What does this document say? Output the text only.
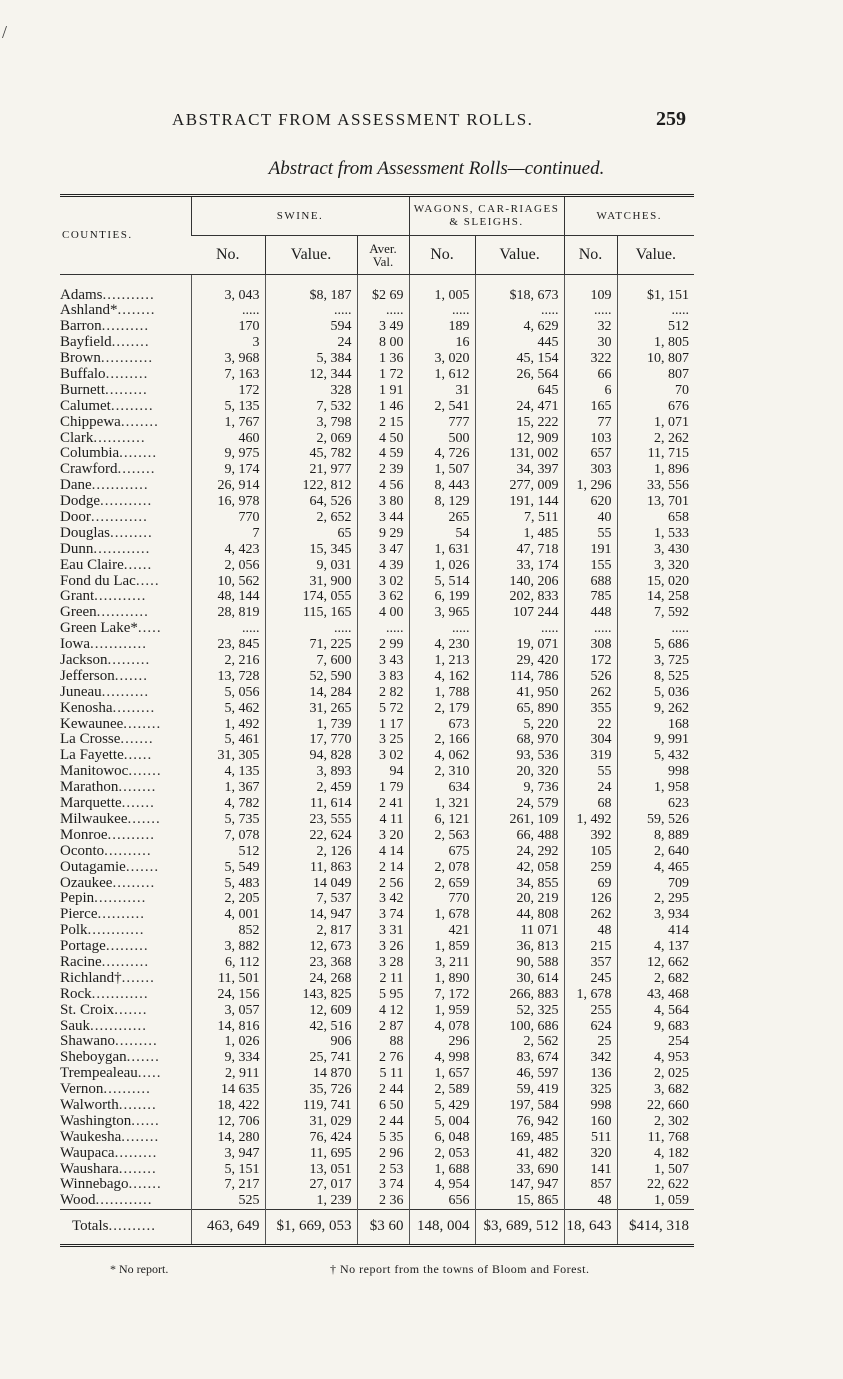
/
ABSTRACT FROM ASSESSMENT ROLLS.	259
Abstract from Assessment Rolls—continued.
COUNTIES.	SWINE.			WAGONS, CAR-RIAGES & SLEIGHS.		WATCHES.	
	No.	Value.	Aver. Val.	No.	Value.	No.	Value.
Adams...........	3, 043	$8, 187	$2 69	1, 005	$18, 673	109	$1, 151
Ashland*........	.....	.....	.....	.....	.....	.....	.....
Barron..........	170	594	3 49	189	4, 629	32	512
Bayfield........	3	24	8 00	16	445	30	1, 805
Brown...........	3, 968	5, 384	1 36	3, 020	45, 154	322	10, 807
Buffalo.........	7, 163	12, 344	1 72	1, 612	26, 564	66	807
Burnett.........	172	328	1 91	31	645	6	70
Calumet.........	5, 135	7, 532	1 46	2, 541	24, 471	165	676
Chippewa........	1, 767	3, 798	2 15	777	15, 222	77	1, 071
Clark...........	460	2, 069	4 50	500	12, 909	103	2, 262
Columbia........	9, 975	45, 782	4 59	4, 726	131, 002	657	11, 715
Crawford........	9, 174	21, 977	2 39	1, 507	34, 397	303	1, 896
Dane............	26, 914	122, 812	4 56	8, 443	277, 009	1, 296	33, 556
Dodge...........	16, 978	64, 526	3 80	8, 129	191, 144	620	13, 701
Door............	770	2, 652	3 44	265	7, 511	40	658
Douglas.........	7	65	9 29	54	1, 485	55	1, 533
Dunn............	4, 423	15, 345	3 47	1, 631	47, 718	191	3, 430
Eau Claire......	2, 056	9, 031	4 39	1, 026	33, 174	155	3, 320
Fond du Lac.....	10, 562	31, 900	3 02	5, 514	140, 206	688	15, 020
Grant...........	48, 144	174, 055	3 62	6, 199	202, 833	785	14, 258
Green...........	28, 819	115, 165	4 00	3, 965	107 244	448	7, 592
Green Lake*.....	.....	.....	.....	.....	.....	.....	.....
Iowa............	23, 845	71, 225	2 99	4, 230	19, 071	308	5, 686
Jackson.........	2, 216	7, 600	3 43	1, 213	29, 420	172	3, 725
Jefferson.......	13, 728	52, 590	3 83	4, 162	114, 786	526	8, 525
Juneau..........	5, 056	14, 284	2 82	1, 788	41, 950	262	5, 036
Kenosha.........	5, 462	31, 265	5 72	2, 179	65, 890	355	9, 262
Kewaunee........	1, 492	1, 739	1 17	673	5, 220	22	168
La Crosse.......	5, 461	17, 770	3 25	2, 166	68, 970	304	9, 991
La Fayette......	31, 305	94, 828	3 02	4, 062	93, 536	319	5, 432
Manitowoc.......	4, 135	3, 893	94	2, 310	20, 320	55	998
Marathon........	1, 367	2, 459	1 79	634	9, 736	24	1, 958
Marquette.......	4, 782	11, 614	2 41	1, 321	24, 579	68	623
Milwaukee.......	5, 735	23, 555	4 11	6, 121	261, 109	1, 492	59, 526
Monroe..........	7, 078	22, 624	3 20	2, 563	66, 488	392	8, 889
Oconto..........	512	2, 126	4 14	675	24, 292	105	2, 640
Outagamie.......	5, 549	11, 863	2 14	2, 078	42, 058	259	4, 465
Ozaukee.........	5, 483	14 049	2 56	2, 659	34, 855	69	709
Pepin...........	2, 205	7, 537	3 42	770	20, 219	126	2, 295
Pierce..........	4, 001	14, 947	3 74	1, 678	44, 808	262	3, 934
Polk............	852	2, 817	3 31	421	11 071	48	414
Portage.........	3, 882	12, 673	3 26	1, 859	36, 813	215	4, 137
Racine..........	6, 112	23, 368	3 28	3, 211	90, 588	357	12, 662
Richland†.......	11, 501	24, 268	2 11	1, 890	30, 614	245	2, 682
Rock............	24, 156	143, 825	5 95	7, 172	266, 883	1, 678	43, 468
St. Croix.......	3, 057	12, 609	4 12	1, 959	52, 325	255	4, 564
Sauk............	14, 816	42, 516	2 87	4, 078	100, 686	624	9, 683
Shawano.........	1, 026	906	88	296	2, 562	25	254
Sheboygan.......	9, 334	25, 741	2 76	4, 998	83, 674	342	4, 953
Trempealeau.....	2, 911	14 870	5 11	1, 657	46, 597	136	2, 025
Vernon..........	14 635	35, 726	2 44	2, 589	59, 419	325	3, 682
Walworth........	18, 422	119, 741	6 50	5, 429	197, 584	998	22, 660
Washington......	12, 706	31, 029	2 44	5, 004	76, 942	160	2, 302
Waukesha........	14, 280	76, 424	5 35	6, 048	169, 485	511	11, 768
Waupaca.........	3, 947	11, 695	2 96	2, 053	41, 482	320	4, 182
Waushara........	5, 151	13, 051	2 53	1, 688	33, 690	141	1, 507
Winnebago.......	7, 217	27, 017	3 74	4, 954	147, 947	857	22, 622
Wood............	525	1, 239	2 36	656	15, 865	48	1, 059
Totals..........	463, 649	$1, 669, 053	$3 60	148, 004	$3, 689, 512	18, 643	$414, 318
* No report.	† No report from the towns of Bloom and Forest.
